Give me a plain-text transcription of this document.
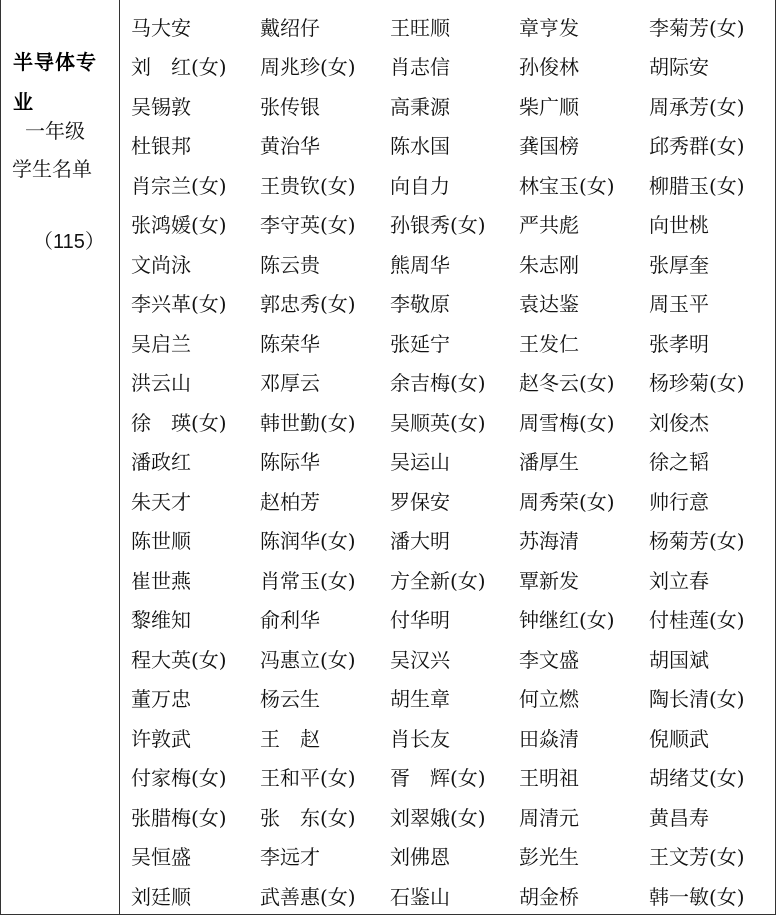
半导体专业
一年级
学生名单
（115）
马大安	戴绍仔	王旺顺	章亨发	李菊芳(女)
刘　红(女)	周兆珍(女)	肖志信	孙俊林	胡际安
吴锡敦	张传银	高秉源	柴广顺	周承芳(女)
杜银邦	黄治华	陈水国	龚国榜	邱秀群(女)
肖宗兰(女)	王贵钦(女)	向自力	林宝玉(女)	柳腊玉(女)
张鸿媛(女)	李守英(女)	孙银秀(女)	严共彪	向世桃
文尚泳	陈云贵	熊周华	朱志刚	张厚奎
李兴革(女)	郭忠秀(女)	李敬原	袁达鉴	周玉平
吴启兰	陈荣华	张延宁	王发仁	张孝明
洪云山	邓厚云	余吉梅(女)	赵冬云(女)	杨珍菊(女)
徐　瑛(女)	韩世勤(女)	吴顺英(女)	周雪梅(女)	刘俊杰
潘政红	陈际华	吴运山	潘厚生	徐之韬
朱天才	赵柏芳	罗保安	周秀荣(女)	帅行意
陈世顺	陈润华(女)	潘大明	苏海清	杨菊芳(女)
崔世燕	肖常玉(女)	方全新(女)	覃新发	刘立春
黎维知	俞利华	付华明	钟继红(女)	付桂莲(女)
程大英(女)	冯惠立(女)	吴汉兴	李文盛	胡国斌
董万忠	杨云生	胡生章	何立燃	陶长清(女)
许敦武	王　赵	肖长友	田焱清	倪顺武
付家梅(女)	王和平(女)	胥　辉(女)	王明祖	胡绪艾(女)
张腊梅(女)	张　东(女)	刘翠娥(女)	周清元	黄昌寿
吴恒盛	李远才	刘佛恩	彭光生	王文芳(女)
刘廷顺	武善惠(女)	石鉴山	胡金桥	韩一敏(女)
